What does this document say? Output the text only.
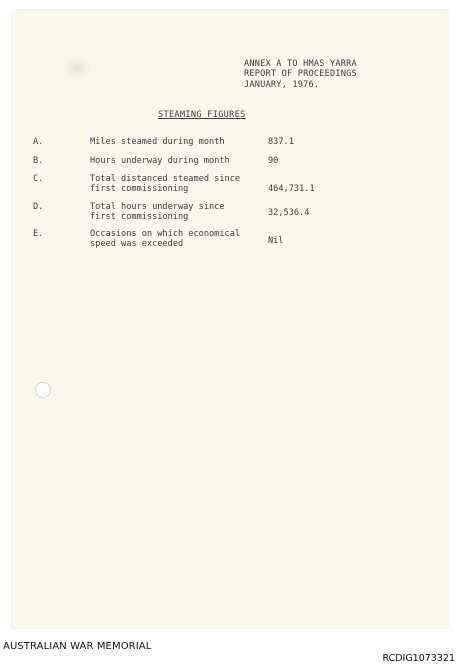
ANNEX A TO HMAS YARRA
REPORT OF PROCEEDINGS
JANUARY, 1976.
STEAMING FIGURES
A.	Miles steamed during month	837.1
B.	Hours underway during month	90
C.	Total distanced steamed since
first commissioning	464,731.1
D.	Total hours underway since
first commissioning	32,536.4
E.	Occasions on which economical
speed was exceeded	Nil
AUSTRALIAN WAR MEMORIAL
RCDIG1073321
